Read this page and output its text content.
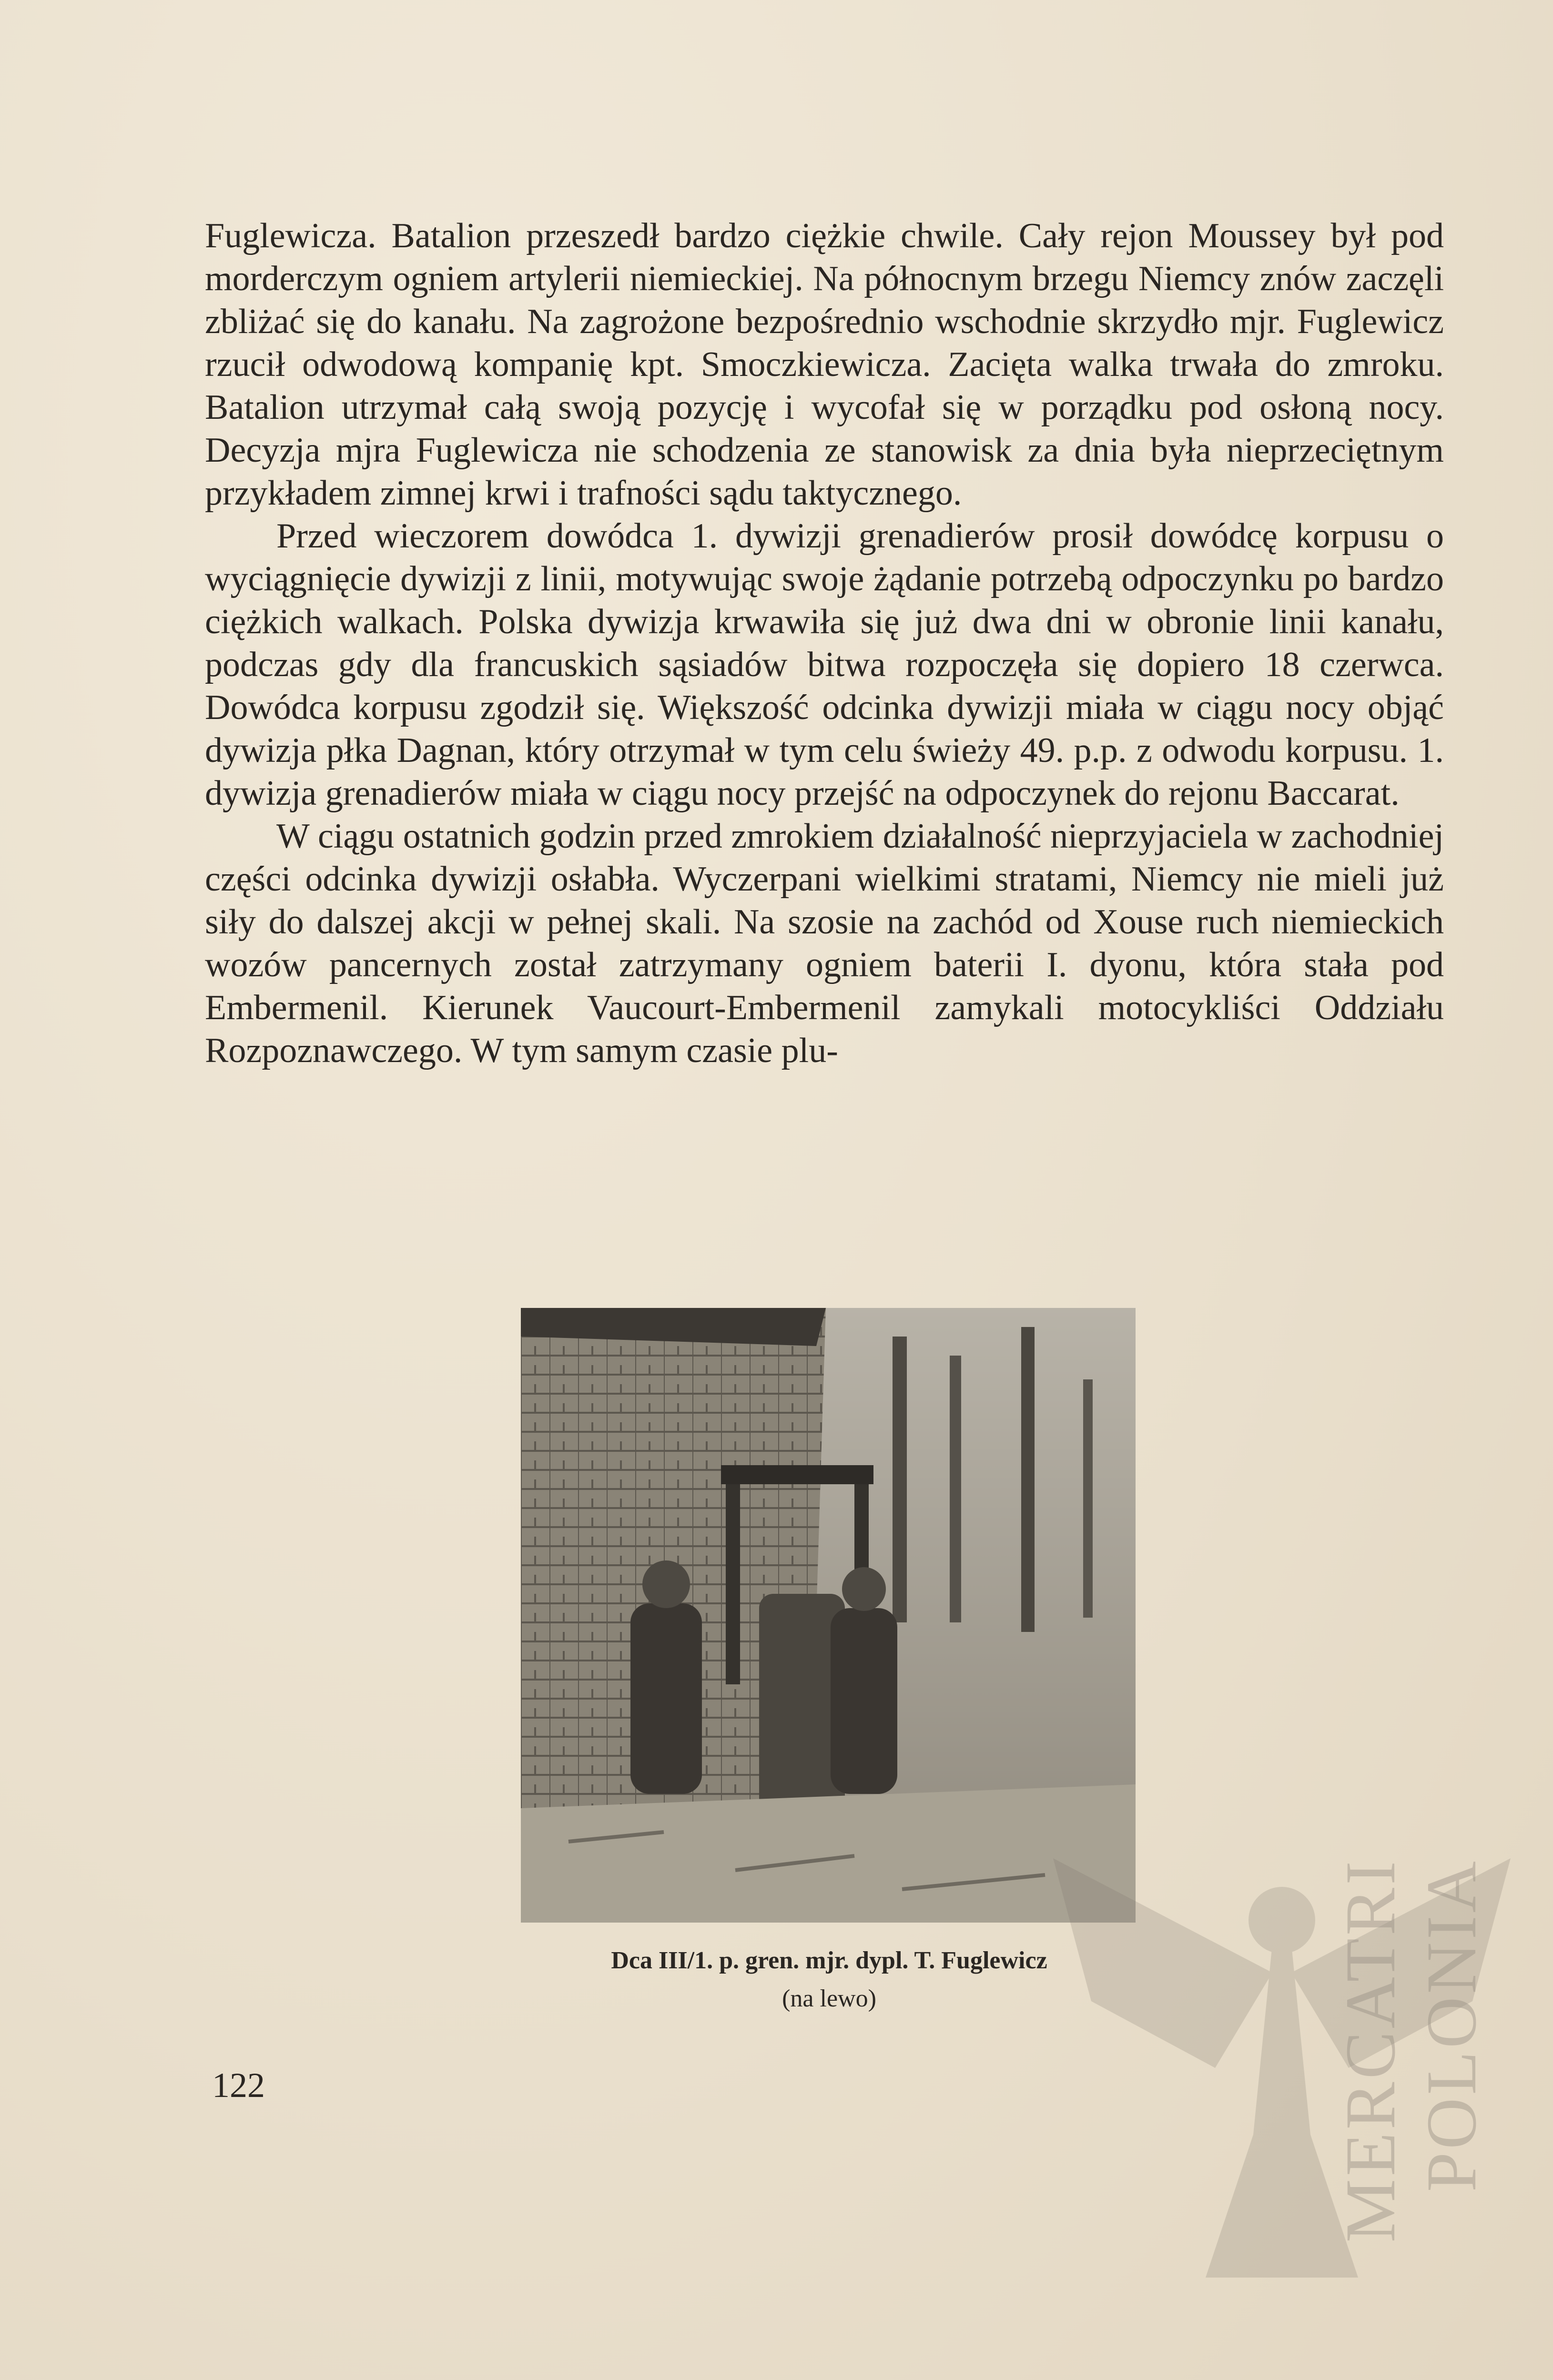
Fuglewicza. Batalion przeszedł bardzo ciężkie chwile. Cały rejon Moussey był pod morderczym ogniem artylerii niemieckiej. Na północnym brzegu Niemcy znów zaczęli zbliżać się do kanału. Na zagrożone bezpośrednio wschodnie skrzydło mjr. Fuglewicz rzucił odwodową kompanię kpt. Smoczkiewicza. Zacięta walka trwała do zmroku. Batalion utrzymał całą swoją pozycję i wycofał się w porządku pod osłoną nocy. Decyzja mjra Fuglewicza nie schodzenia ze stanowisk za dnia była nieprzeciętnym przykładem zimnej krwi i trafności sądu taktycznego.

Przed wieczorem dowódca 1. dywizji grenadierów prosił dowódcę korpusu o wyciągnięcie dywizji z linii, motywując swoje żądanie potrzebą odpoczynku po bardzo ciężkich walkach. Polska dywizja krwawiła się już dwa dni w obronie linii kanału, podczas gdy dla francuskich sąsiadów bitwa rozpoczęła się dopiero 18 czerwca. Dowódca korpusu zgodził się. Większość odcinka dywizji miała w ciągu nocy objąć dywizja płka Dagnan, który otrzymał w tym celu świeży 49. p.p. z odwodu korpusu. 1. dywizja grenadierów miała w ciągu nocy przejść na odpoczynek do rejonu Baccarat.

W ciągu ostatnich godzin przed zmrokiem działalność nieprzyjaciela w zachodniej części odcinka dywizji osłabła. Wyczerpani wielkimi stratami, Niemcy nie mieli już siły do dalszej akcji w pełnej skali. Na szosie na zachód od Xouse ruch niemieckich wozów pancernych został zatrzymany ogniem baterii I. dyonu, która stała pod Embermenil. Kierunek Vaucourt-Embermenil zamykali motocykliści Oddziału Rozpoznawczego. W tym samym czasie plu-

Dca III/1. p. gren. mjr. dypl. T. Fuglewicz
(na lewo)
122	MERCATRI POLONIA
